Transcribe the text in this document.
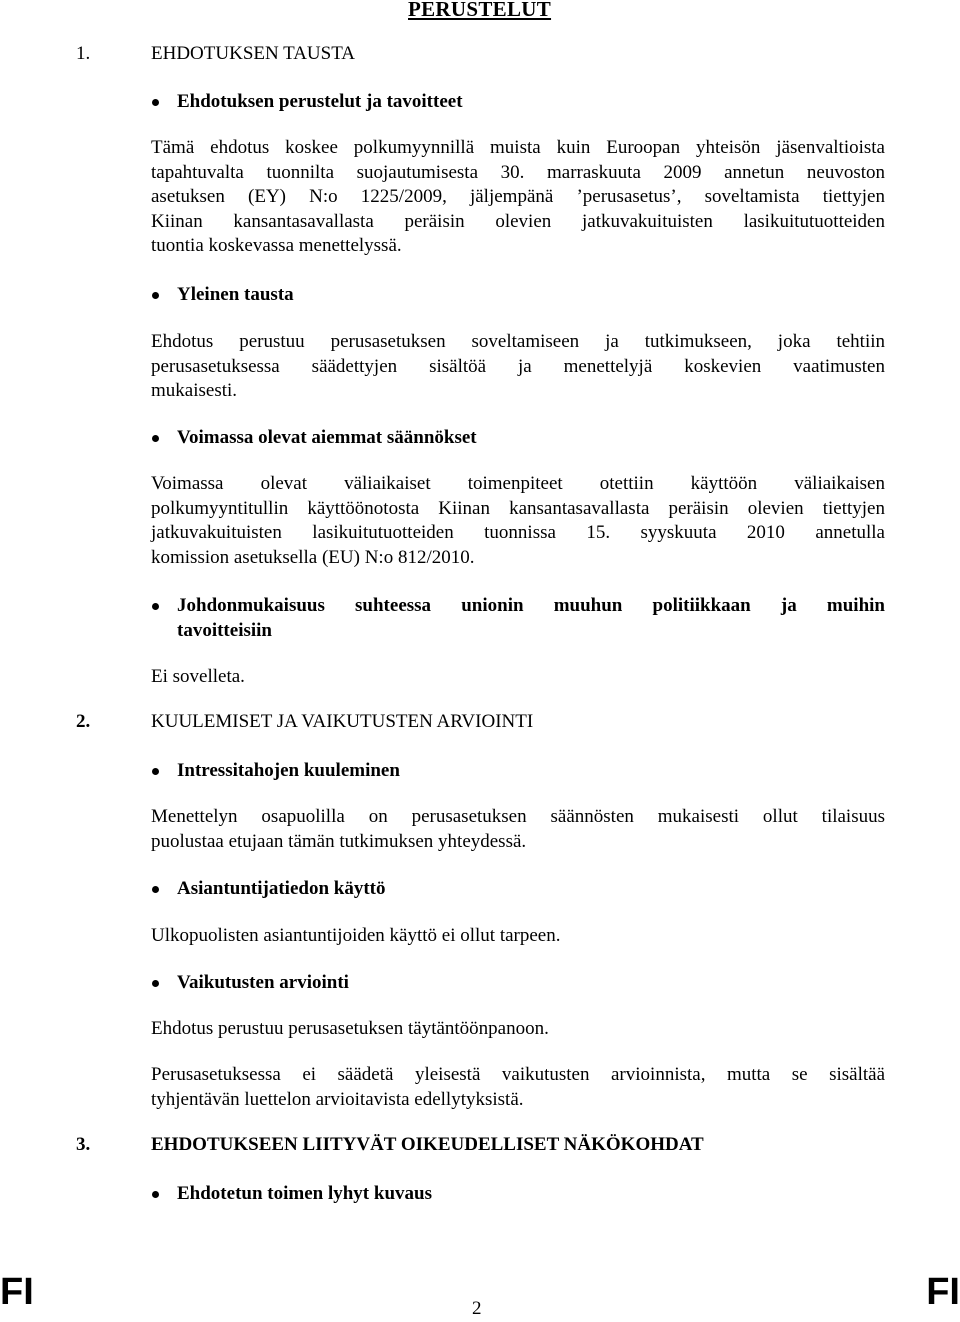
PERUSTELUT
1.	EHDOTUKSEN TAUSTA
Ehdotuksen perustelut ja tavoitteet
Tämä ehdotus koskee polkumyynnillä muista kuin Euroopan yhteisön jäsenvaltioista
tapahtuvalta tuonnilta suojautumisesta 30. marraskuuta 2009 annetun neuvoston
asetuksen (EY) N:o 1225/2009, jäljempänä ’perusasetus’, soveltamista tiettyjen
Kiinan kansantasavallasta peräisin olevien jatkuvakuituisten lasikuitutuotteiden
tuontia koskevassa menettelyssä.
Yleinen tausta
Ehdotus perustuu perusasetuksen soveltamiseen ja tutkimukseen, joka tehtiin
perusasetuksessa säädettyjen sisältöä ja menettelyjä koskevien vaatimusten
mukaisesti.
Voimassa olevat aiemmat säännökset
Voimassa olevat väliaikaiset toimenpiteet otettiin käyttöön väliaikaisen
polkumyyntitullin käyttöönotosta Kiinan kansantasavallasta peräisin olevien tiettyjen
jatkuvakuituisten lasikuitutuotteiden tuonnissa 15. syyskuuta 2010 annetulla
komission asetuksella (EU) N:o 812/2010.
Johdonmukaisuus suhteessa unionin muuhun politiikkaan ja muihin
tavoitteisiin
Ei sovelleta.
2.	KUULEMISET JA VAIKUTUSTEN ARVIOINTI
Intressitahojen kuuleminen
Menettelyn osapuolilla on perusasetuksen säännösten mukaisesti ollut tilaisuus
puolustaa etujaan tämän tutkimuksen yhteydessä.
Asiantuntijatiedon käyttö
Ulkopuolisten asiantuntijoiden käyttö ei ollut tarpeen.
Vaikutusten arviointi
Ehdotus perustuu perusasetuksen täytäntöönpanoon.
Perusasetuksessa ei säädetä yleisestä vaikutusten arvioinnista, mutta se sisältää
tyhjentävän luettelon arvioitavista edellytyksistä.
3.	EHDOTUKSEEN LIITYVÄT OIKEUDELLISET NÄKÖKOHDAT
Ehdotetun toimen lyhyt kuvaus
FI	2	FI
